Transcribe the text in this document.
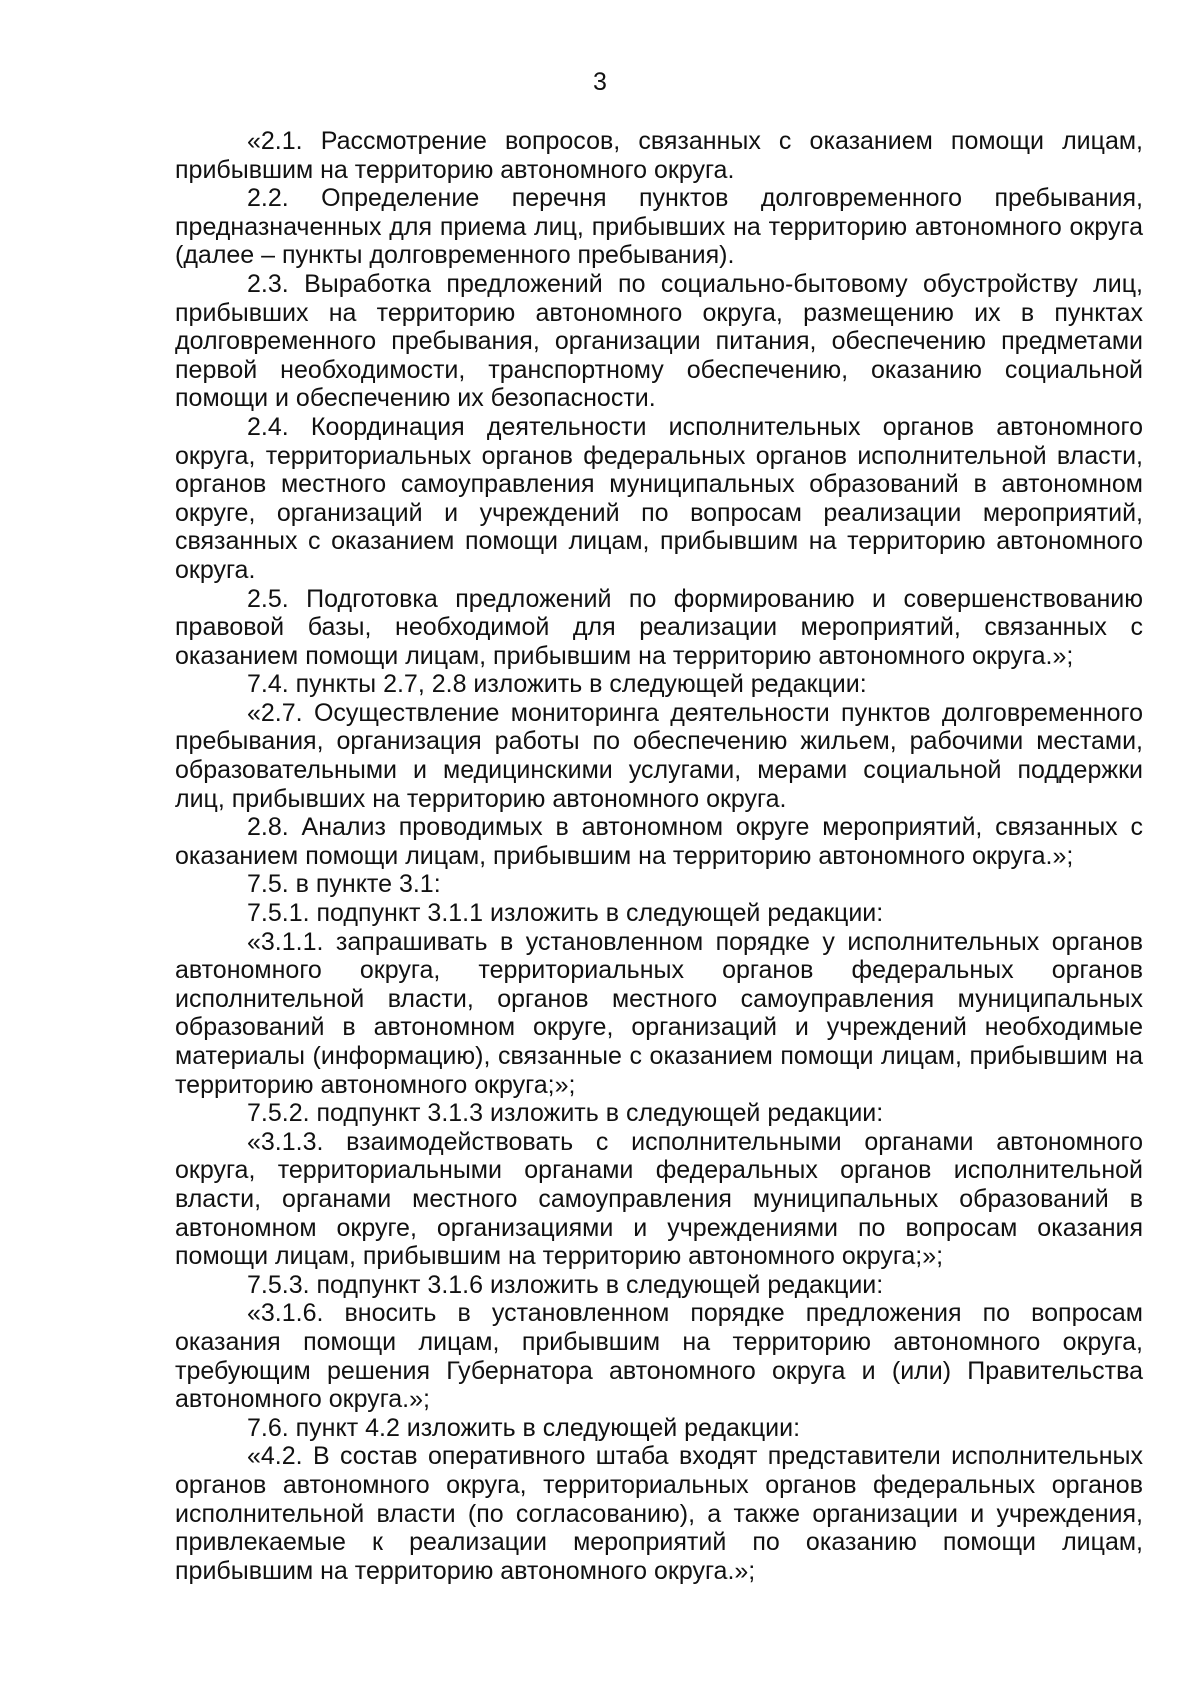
3

«2.1. Рассмотрение вопросов, связанных с оказанием помощи лицам, прибывшим на территорию автономного округа.

2.2. Определение перечня пунктов долговременного пребывания, предназначенных для приема лиц, прибывших на территорию автономного округа (далее – пункты долговременного пребывания).

2.3. Выработка предложений по социально-бытовому обустройству лиц, прибывших на территорию автономного округа, размещению их в пунктах долговременного пребывания, организации питания, обеспечению предметами первой необходимости, транспортному обеспечению, оказанию социальной помощи и обеспечению их безопасности.

2.4. Координация деятельности исполнительных органов автономного округа, территориальных органов федеральных органов исполнительной власти, органов местного самоуправления муниципальных образований в автономном округе, организаций и учреждений по вопросам реализации мероприятий, связанных с оказанием помощи лицам, прибывшим на территорию автономного округа.

2.5. Подготовка предложений по формированию и совершенствованию правовой базы, необходимой для реализации мероприятий, связанных с оказанием помощи лицам, прибывшим на территорию автономного округа.»;

7.4. пункты 2.7, 2.8 изложить в следующей редакции:

«2.7. Осуществление мониторинга деятельности пунктов долговременного пребывания, организация работы по обеспечению жильем, рабочими местами, образовательными и медицинскими услугами, мерами социальной поддержки лиц, прибывших на территорию автономного округа.

2.8. Анализ проводимых в автономном округе мероприятий, связанных с оказанием помощи лицам, прибывшим на территорию автономного округа.»;

7.5. в пункте 3.1:

7.5.1. подпункт 3.1.1 изложить в следующей редакции:

«3.1.1. запрашивать в установленном порядке у исполнительных органов автономного округа, территориальных органов федеральных органов исполнительной власти, органов местного самоуправления муниципальных образований в автономном округе, организаций и учреждений необходимые материалы (информацию), связанные с оказанием помощи лицам, прибывшим на территорию автономного округа;»;

7.5.2. подпункт 3.1.3 изложить в следующей редакции:

«3.1.3. взаимодействовать с исполнительными органами автономного округа, территориальными органами федеральных органов исполнительной власти, органами местного самоуправления муниципальных образований в автономном округе, организациями и учреждениями по вопросам оказания помощи лицам, прибывшим на территорию автономного округа;»;

7.5.3. подпункт 3.1.6 изложить в следующей редакции:

«3.1.6. вносить в установленном порядке предложения по вопросам оказания помощи лицам, прибывшим на территорию автономного округа, требующим решения Губернатора автономного округа и (или) Правительства автономного округа.»;

7.6. пункт 4.2 изложить в следующей редакции:

«4.2. В состав оперативного штаба входят представители исполнительных органов автономного округа, территориальных органов федеральных органов исполнительной власти (по согласованию), а также организации и учреждения, привлекаемые к реализации мероприятий по оказанию помощи лицам, прибывшим на территорию автономного округа.»;
